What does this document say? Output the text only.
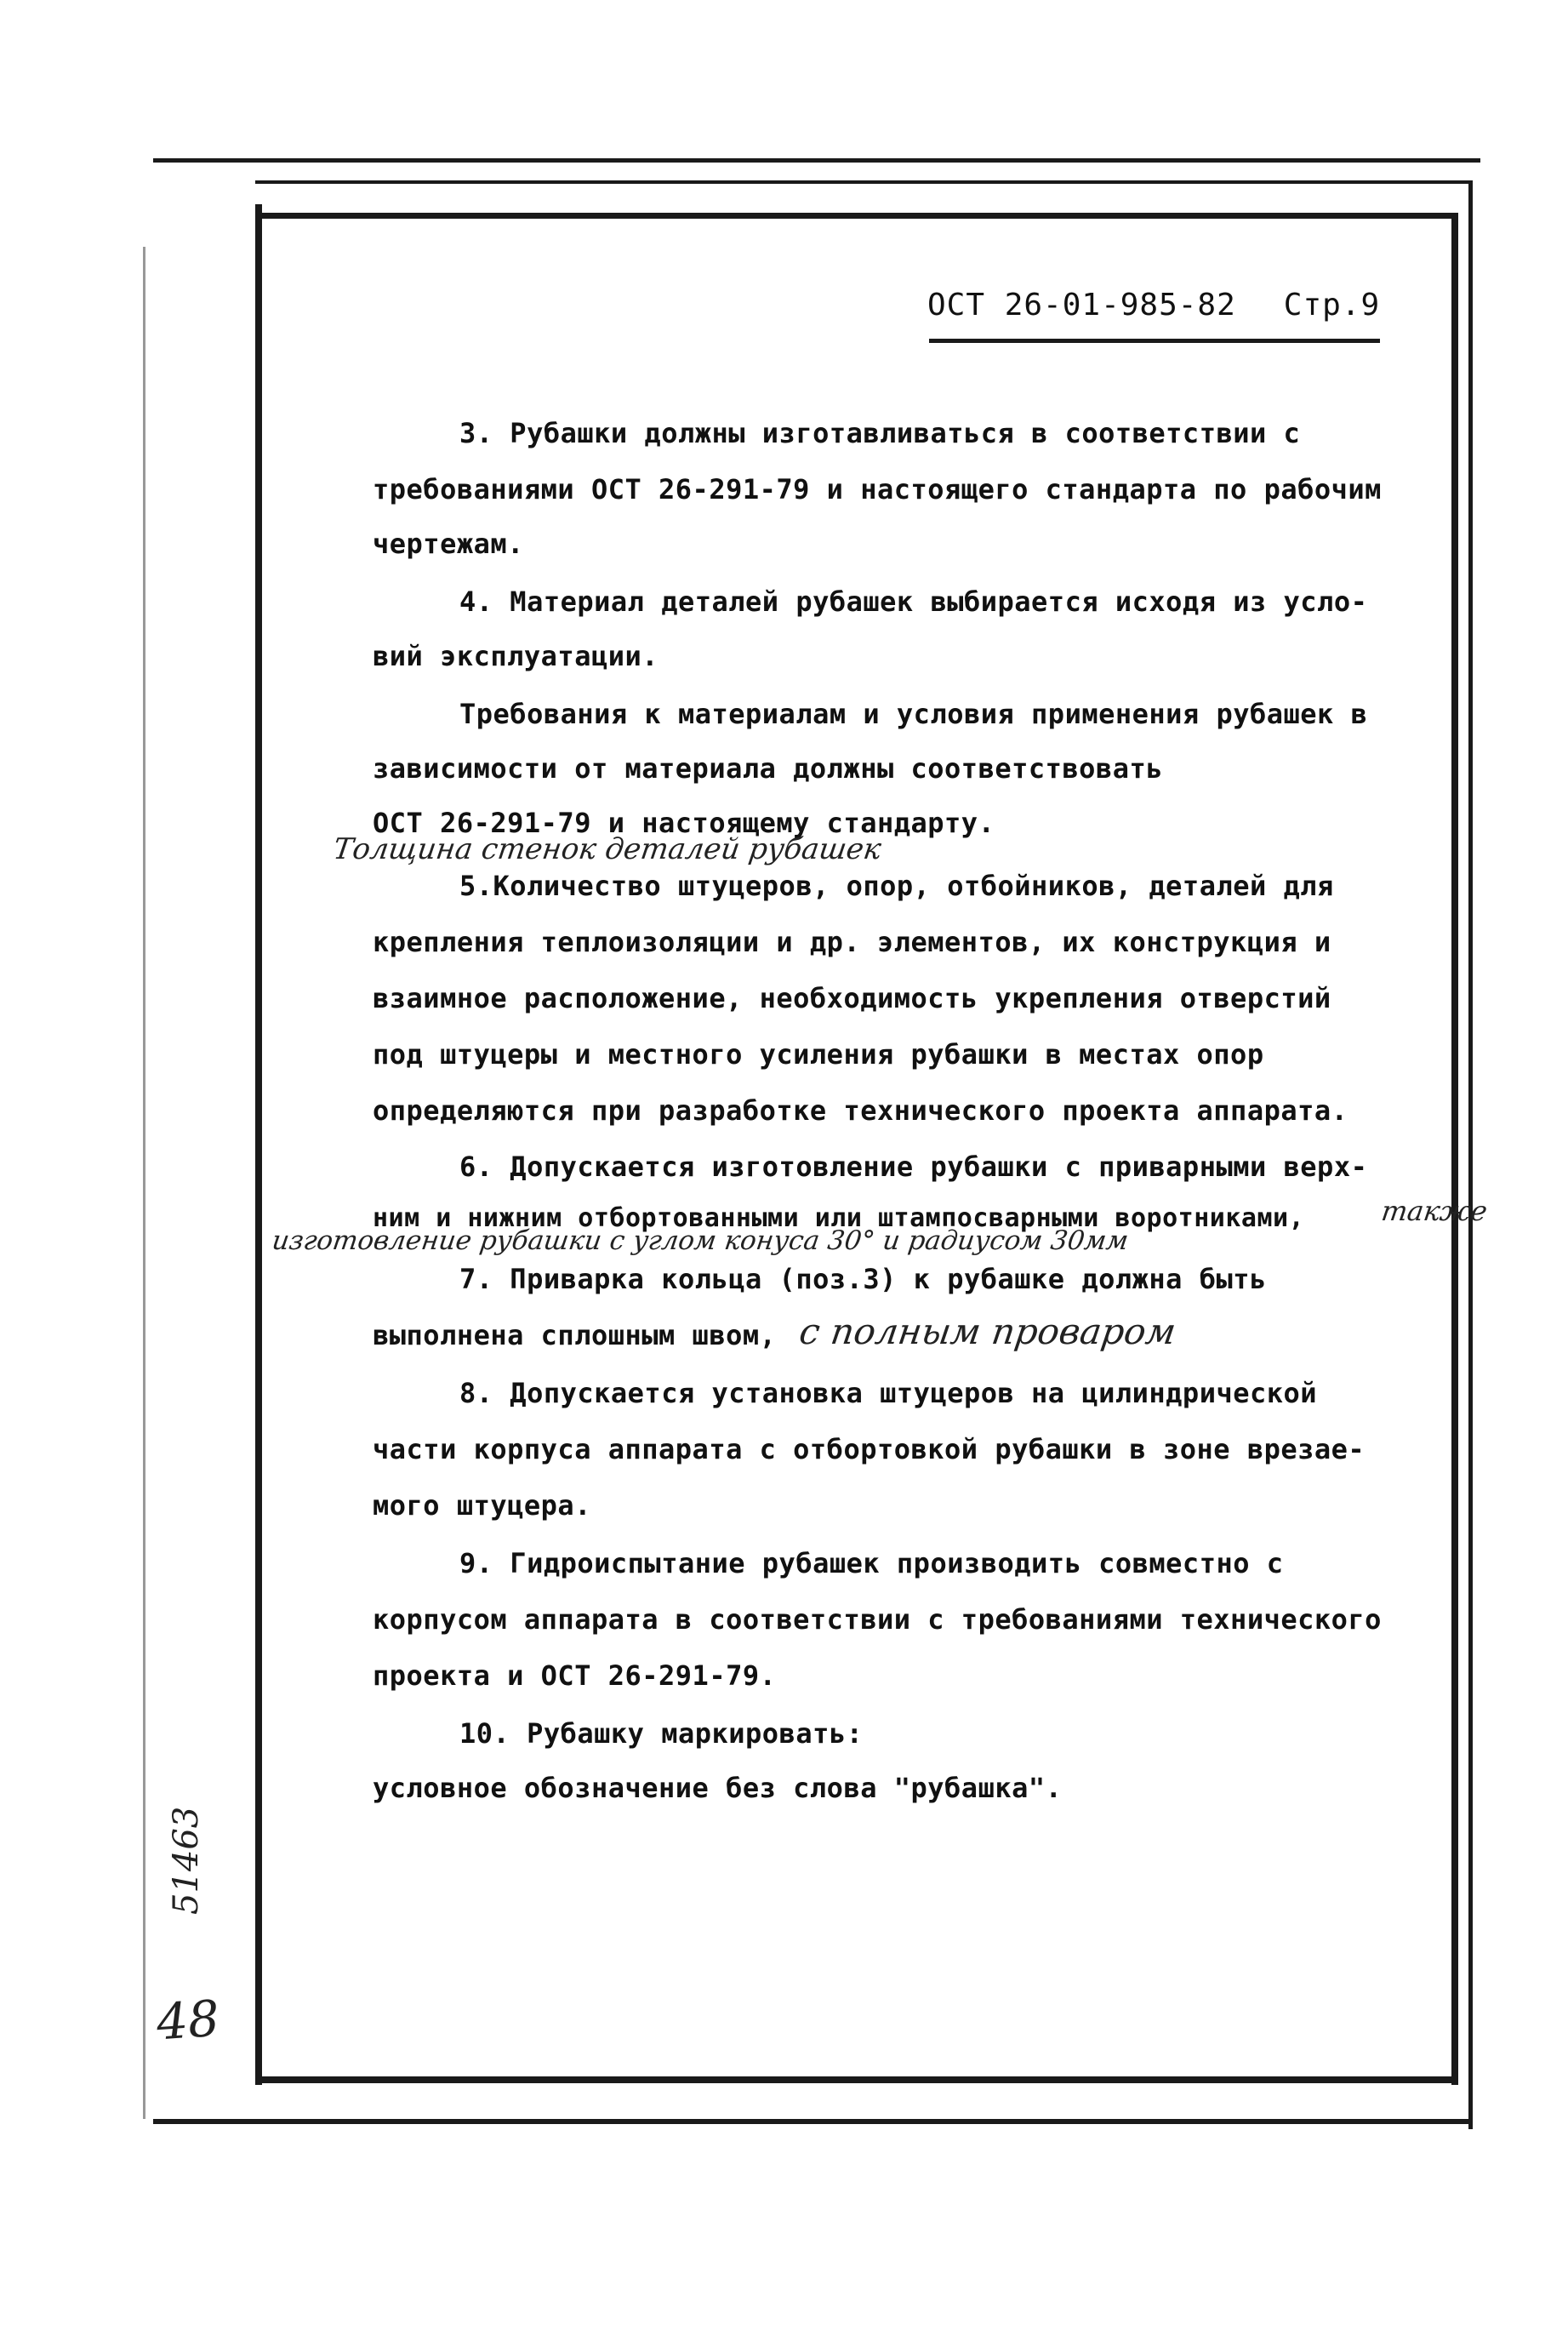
ОСТ 26-01-985-82 Стр.9
3. Рубашки должны изготавливаться в соответствии с
требованиями ОСТ 26-291-79 и настоящего стандарта по рабочим
чертежам.
4. Материал деталей рубашек выбирается исходя из усло-
вий эксплуатации.
Требования к материалам и условия применения рубашек в
зависимости от материала должны соответствовать
ОСТ 26-291-79 и настоящему стандарту.
Толщина стенок деталей рубашек
5.Количество штуцеров, опор, отбойников, деталей для
крепления теплоизоляции и др. элементов, их конструкция и
взаимное расположение, необходимость укрепления отверстий
под штуцеры и местного усиления рубашки в местах опор
определяются при разработке технического проекта аппарата.
6. Допускается изготовление рубашки с приварными верх-
ним и нижним отбортованными или штампосварными воротниками,	также
изготовление рубашки с углом конуса 30° и радиусом 30мм
7. Приварка кольца (поз.3) к рубашке должна быть
выполнена сплошным швом, с полным проваром
8. Допускается установка штуцеров на цилиндрической
части корпуса аппарата с отбортовкой рубашки в зоне врезае-
мого штуцера.
9. Гидроиспытание рубашек производить совместно с
корпусом аппарата в соответствии с требованиями технического
проекта и ОСТ 26-291-79.
10. Рубашку маркировать:
условное обозначение без слова "рубашка".
51463
48
